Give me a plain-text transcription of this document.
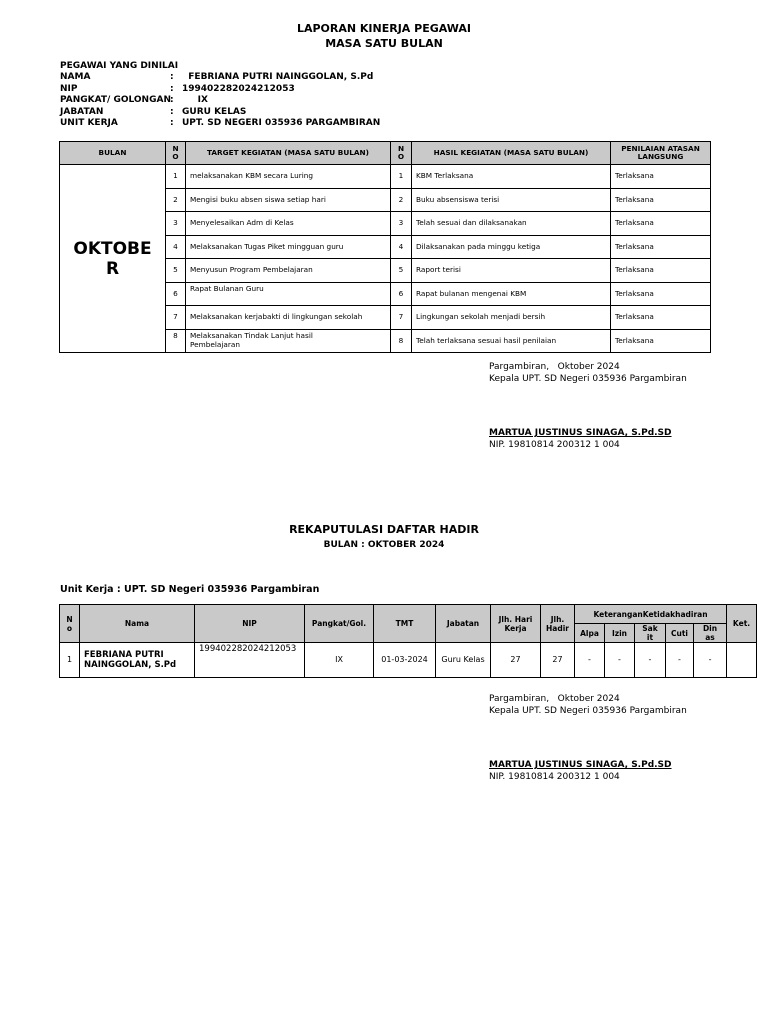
LAPORAN KINERJA PEGAWAI
MASA SATU BULAN
PEGAWAI YANG DINILAI
NAMA	: FEBRIANA PUTRI NAINGGOLAN, S.Pd
NIP	: 199402282024212053
PANGKAT/ GOLONGAN : IX
JABATAN	: GURU KELAS
UNIT KERJA	: UPT. SD NEGERI 035936 PARGAMBIRAN
BULAN	NO	TARGET KEGIATAN (MASA SATU BULAN)	NO	HASIL KEGIATAN (MASA SATU BULAN)	PENILAIAN ATASAN LANGSUNG
OKTOBER	1	melaksanakan KBM secara Luring	1	KBM Terlaksana	Terlaksana
	2	Mengisi buku absen siswa setiap hari	2	Buku absensiswa terisi	Terlaksana
	3	Menyelesaikan Adm di Kelas	3	Telah sesuai dan dilaksanakan	Terlaksana
	4	Melaksanakan Tugas Piket mingguan guru	4	Dilaksanakan pada minggu ketiga	Terlaksana
	5	Menyusun Program Pembelajaran	5	Raport terisi	Terlaksana
	6	Rapat Bulanan Guru	6	Rapat bulanan mengenai KBM	Terlaksana
	7	Melaksanakan kerjabakti di lingkungan sekolah	7	Lingkungan sekolah menjadi bersih	Terlaksana
	8	Melaksanakan Tindak Lanjut hasil Pembelajaran	8	Telah terlaksana sesuai hasil penilaian	Terlaksana
Pargambiran,   Oktober 2024
Kepala UPT. SD Negeri 035936 Pargambiran
MARTUA JUSTINUS SINAGA, S.Pd.SD
NIP. 19810814 200312 1 004
REKAPUTULASI DAFTAR HADIR
BULAN : OKTOBER 2024
Unit Kerja : UPT. SD Negeri 035936 Pargambiran
No	Nama	NIP	Pangkat/Gol.	TMT	Jabatan	Jlh. Hari Kerja	Jlh. Hadir	KeteranganKetidakhadiran					Ket.
								Alpa	Izin	Sakit	Cuti	Dinas	
1	FEBRIANA PUTRI NAINGGOLAN, S.Pd	199402282024212053	IX	01-03-2024	Guru Kelas	27	27	-	-	-	-	-	
Pargambiran,   Oktober 2024
Kepala UPT. SD Negeri 035936 Pargambiran
MARTUA JUSTINUS SINAGA, S.Pd.SD
NIP. 19810814 200312 1 004
